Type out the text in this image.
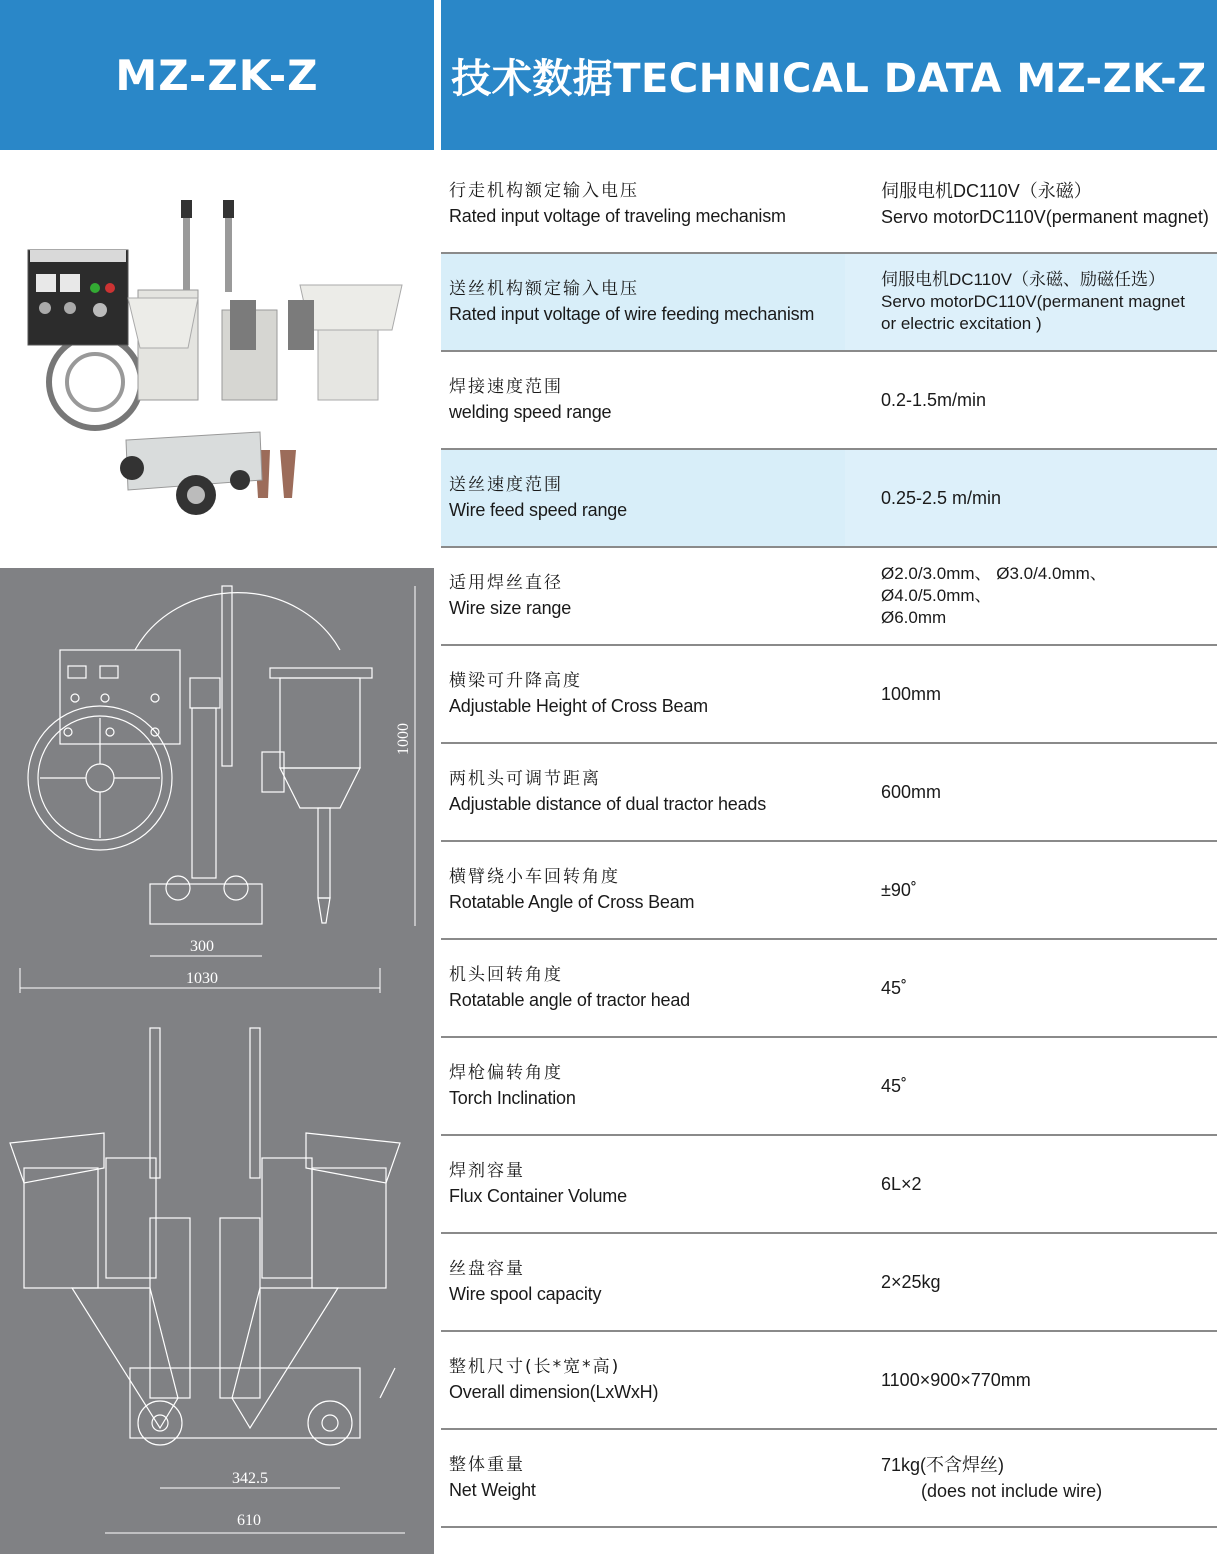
MZ-ZK-Z	技术数据TECHNICAL DATA MZ-ZK-Z
1000
300
1030
342.5
610
行走机构额定输入电压
Rated input voltage of traveling mechanism
伺服电机DC110V（永磁）
Servo motorDC110V(permanent magnet)
送丝机构额定输入电压
Rated input voltage of wire feeding mechanism
伺服电机DC110V（永磁、励磁任选）
Servo motorDC110V(permanent magnet
or electric excitation )
焊接速度范围
welding speed range
0.2-1.5m/min
送丝速度范围
Wire feed speed range
0.25-2.5 m/min
适用焊丝直径
Wire size range
Ø2.0/3.0mm、 Ø3.0/4.0mm、Ø4.0/5.0mm、
Ø6.0mm
横梁可升降高度
Adjustable Height of Cross Beam
100mm
两机头可调节距离
Adjustable distance of dual tractor heads
600mm
横臂绕小车回转角度
Rotatable Angle of Cross Beam
±90˚
机头回转角度
Rotatable angle of tractor head
45˚
焊枪偏转角度
Torch Inclination
45˚
焊剂容量
Flux Container Volume
6L×2
丝盘容量
Wire spool capacity
2×25kg
整机尺寸(长*宽*高)
Overall dimension(LxWxH)
1100×900×770mm
整体重量
Net Weight
71kg(不含焊丝)
(does not include wire)
